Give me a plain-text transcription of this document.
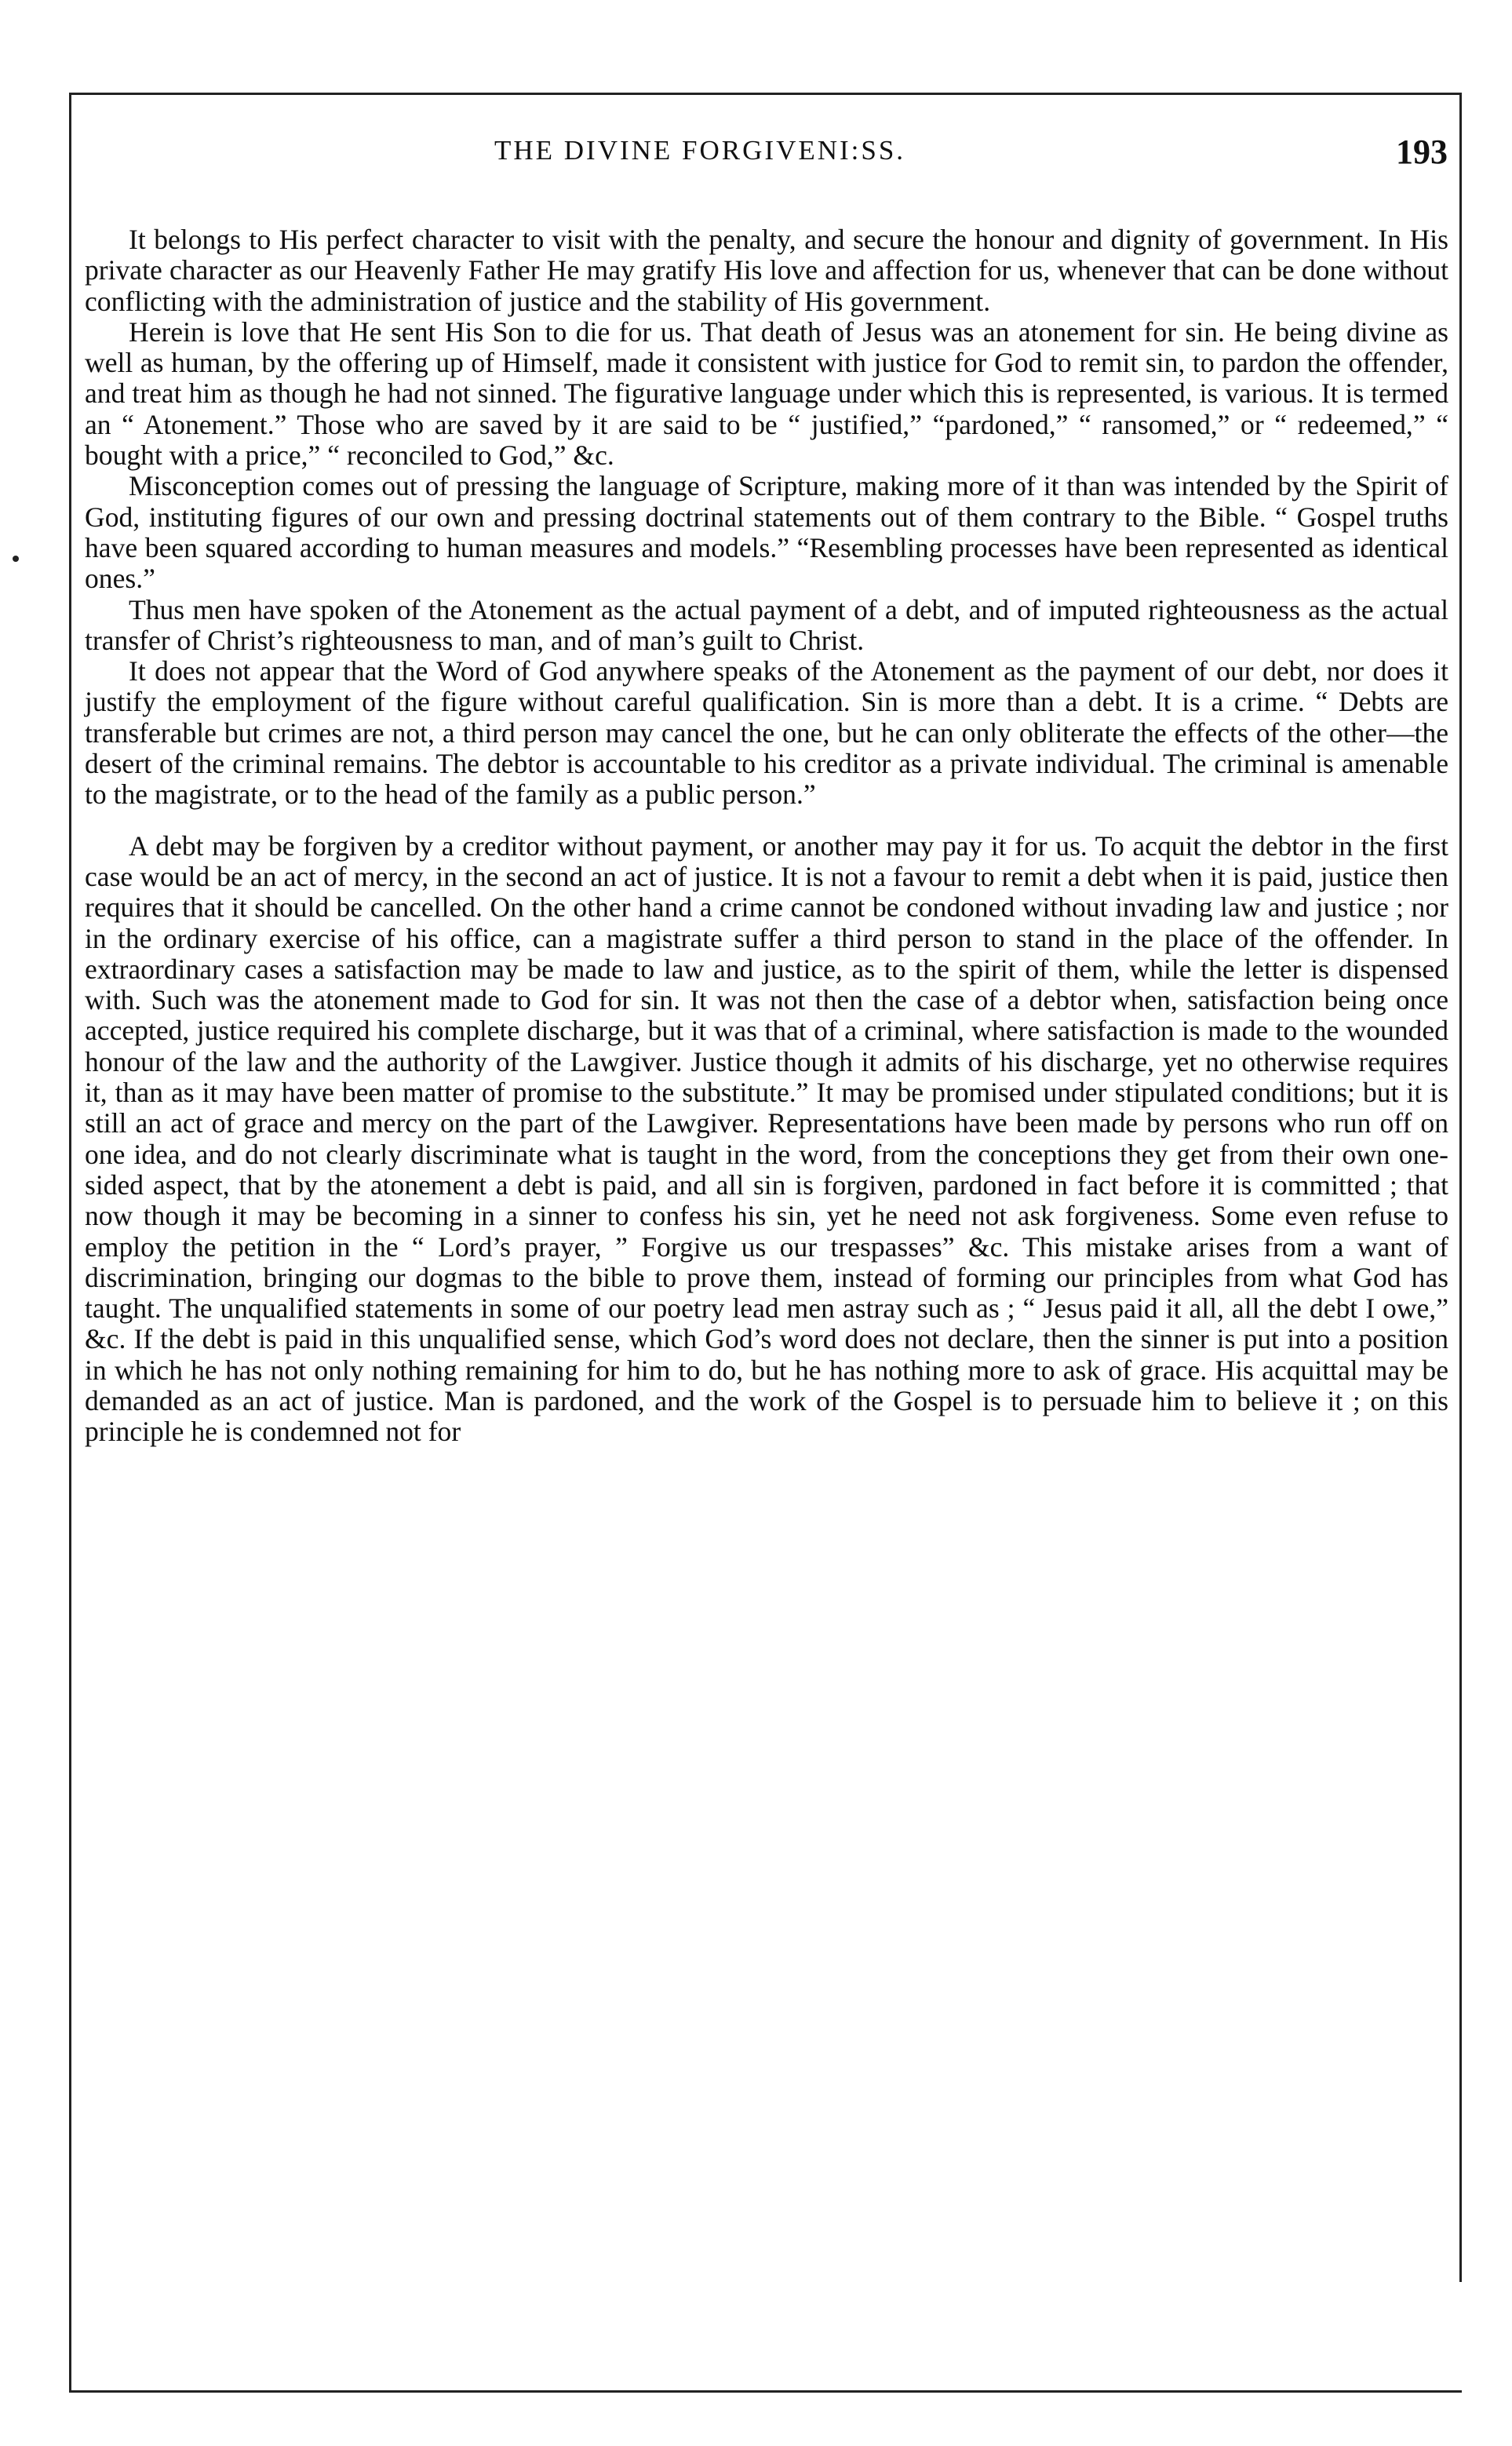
THE DIVINE FORGIVENI:SS.	193

It belongs to His perfect character to visit with the penalty, and secure the honour and dignity of government. In His private character as our Heavenly Father He may gratify His love and affection for us, whenever that can be done without conflicting with the administration of justice and the stability of His government.

Herein is love that He sent His Son to die for us. That death of Jesus was an atonement for sin. He being divine as well as human, by the offering up of Himself, made it consistent with justice for God to remit sin, to pardon the offender, and treat him as though he had not sinned. The figurative language under which this is represented, is various. It is termed an “ Atonement.” Those who are saved by it are said to be “ justified,” “pardoned,” “ ransomed,” or “ redeemed,” “ bought with a price,” “ reconciled to God,” &c.

Misconception comes out of pressing the language of Scripture, making more of it than was intended by the Spirit of God, instituting figures of our own and pressing doctrinal statements out of them contrary to the Bible. “ Gospel truths have been squared according to human measures and models.” “Resembling processes have been represented as identical ones.”

Thus men have spoken of the Atonement as the actual payment of a debt, and of imputed righteousness as the actual transfer of Christ’s righteousness to man, and of man’s guilt to Christ.

It does not appear that the Word of God anywhere speaks of the Atonement as the payment of our debt, nor does it justify the employment of the figure without careful qualification. Sin is more than a debt. It is a crime. “ Debts are transferable but crimes are not, a third person may cancel the one, but he can only obliterate the effects of the other—the desert of the criminal remains. The debtor is accountable to his creditor as a private individual. The criminal is amenable to the magistrate, or to the head of the family as a public person.”

A debt may be forgiven by a creditor without payment, or another may pay it for us. To acquit the debtor in the first case would be an act of mercy, in the second an act of justice. It is not a favour to remit a debt when it is paid, justice then requires that it should be cancelled. On the other hand a crime cannot be condoned without invading law and justice ; nor in the ordinary exercise of his office, can a magistrate suffer a third person to stand in the place of the offender. In extraordinary cases a satisfaction may be made to law and justice, as to the spirit of them, while the letter is dispensed with. Such was the atonement made to God for sin. It was not then the case of a debtor when, satisfaction being once accepted, justice required his complete discharge, but it was that of a criminal, where satisfaction is made to the wounded honour of the law and the authority of the Lawgiver. Justice though it admits of his discharge, yet no otherwise requires it, than as it may have been matter of promise to the substitute.” It may be promised under stipulated conditions; but it is still an act of grace and mercy on the part of the Lawgiver. Representations have been made by persons who run off on one idea, and do not clearly discriminate what is taught in the word, from the conceptions they get from their own one-sided aspect, that by the atonement a debt is paid, and all sin is forgiven, pardoned in fact before it is committed ; that now though it may be becoming in a sinner to confess his sin, yet he need not ask forgiveness. Some even refuse to employ the petition in the “ Lord’s prayer, ” Forgive us our trespasses” &c. This mistake arises from a want of discrimination, bringing our dogmas to the bible to prove them, instead of forming our principles from what God has taught. The unqualified statements in some of our poetry lead men astray such as ; “ Jesus paid it all, all the debt I owe,” &c. If the debt is paid in this unqualified sense, which God’s word does not declare, then the sinner is put into a position in which he has not only nothing remaining for him to do, but he has nothing more to ask of grace. His acquittal may be demanded as an act of justice. Man is pardoned, and the work of the Gospel is to persuade him to believe it ; on this principle he is condemned not for
